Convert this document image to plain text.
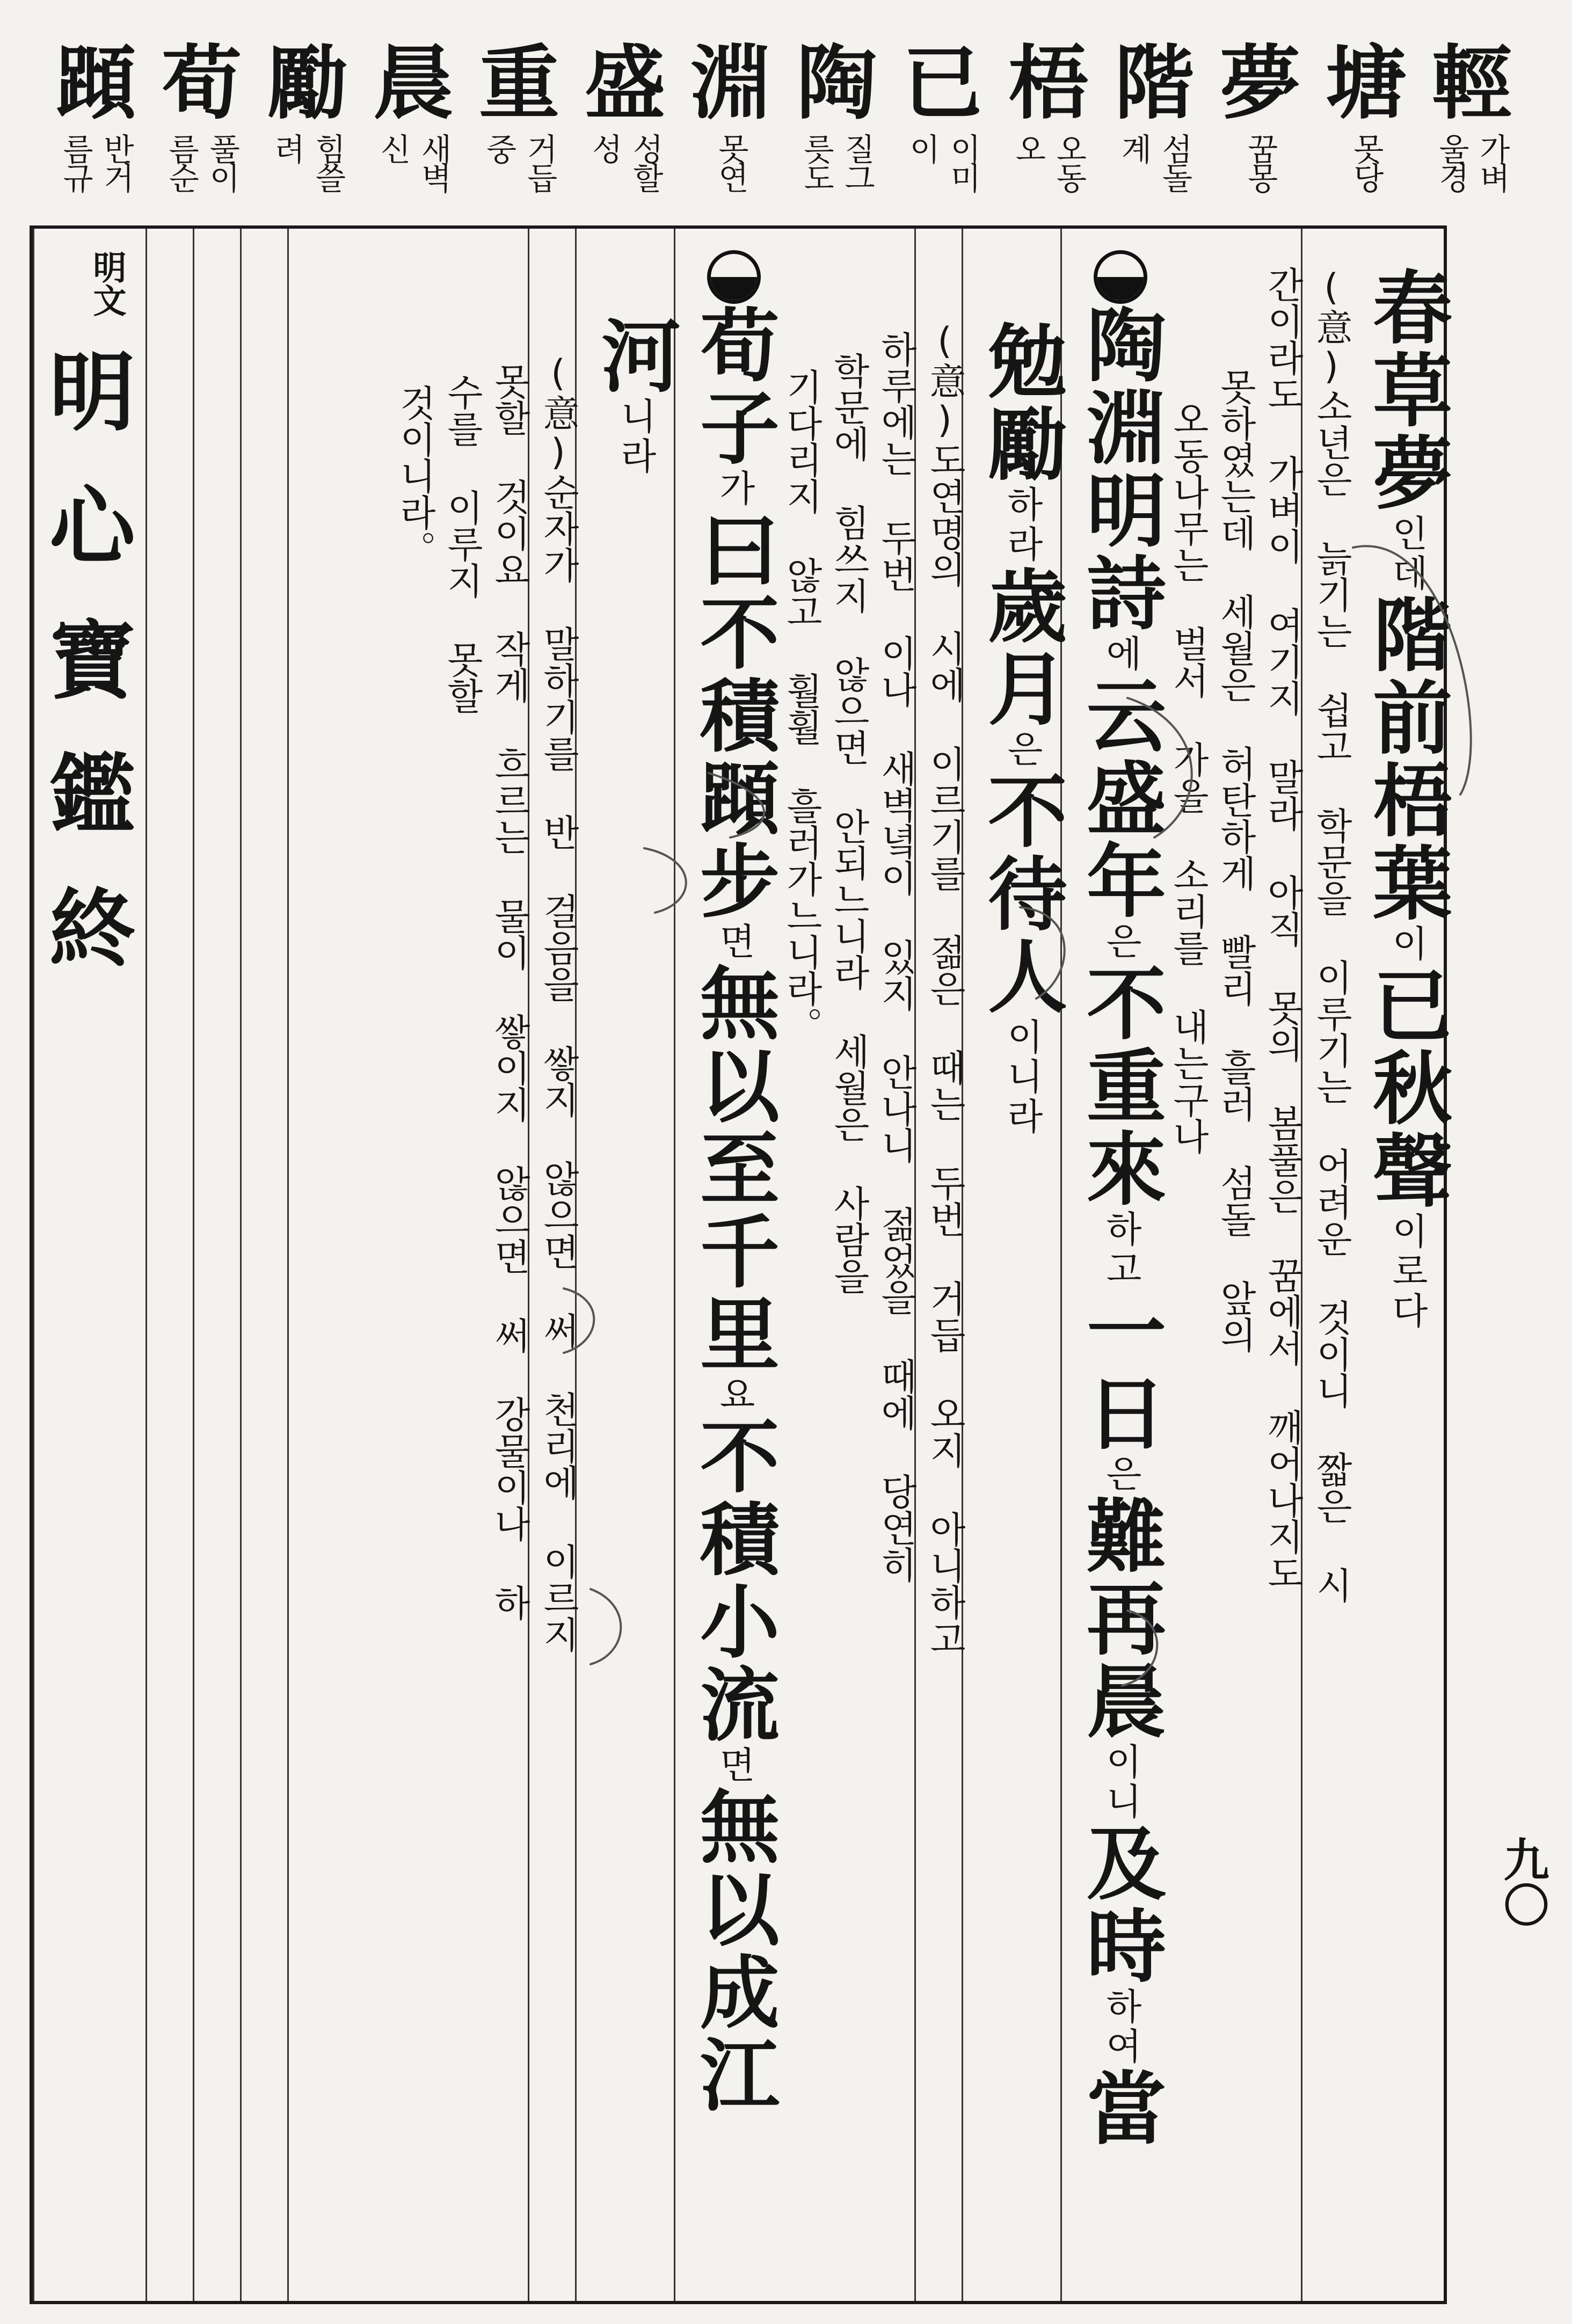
輕
가벼
울경
塘
못당
夢
꿈몽
階
섬돌
계
梧
오동
오
已
이미
이
陶
질그
릇도
淵
못연
盛
성할
성
重
거듭
중
晨
새벽
신
勵
힘쓸
려
荀
풀이
름순
蹞
반거
름규
春草夢인데階前梧葉이已秋聲이로다
(意)소년은 늙기는 쉽고 학문을 이루기는 어려운 것이니 짧은 시
간이라도 가벼이 여기지 말라 아직 못의 봄풀은 꿈에서 깨어나지도
못하였는데 세월은 허탄하게 빨리 흘러 섬돌 앞의
오동나무는 벌서 가을 소리를 내는구나
陶淵明詩에云盛年은不重來하고一日은難再晨이니及時하여當
勉勵하라歲月은不待人이니라
(意)도연명의 시에 이르기를 젊은 때는 두번 거듭 오지 아니하고
하루에는 두번 이나 새벽녘이 있지 안나니 젊었을 때에 당연히
학문에 힘쓰지 않으면 안되느니라 세월은 사람을
기다리지 않고 훨훨 흘러가느니라。
荀子가曰不積蹞步면無以至千里요不積小流면無以成江
河니라
(意)순자가 말하기를 반 걸음을 쌓지 않으면 써 천리에 이르지
못할 것이요 작게 흐르는 물이 쌓이지 않으면 써 강물이나 하
수를 이루지 못할
것이니라。
明文
明心寶鑑終
九〇
